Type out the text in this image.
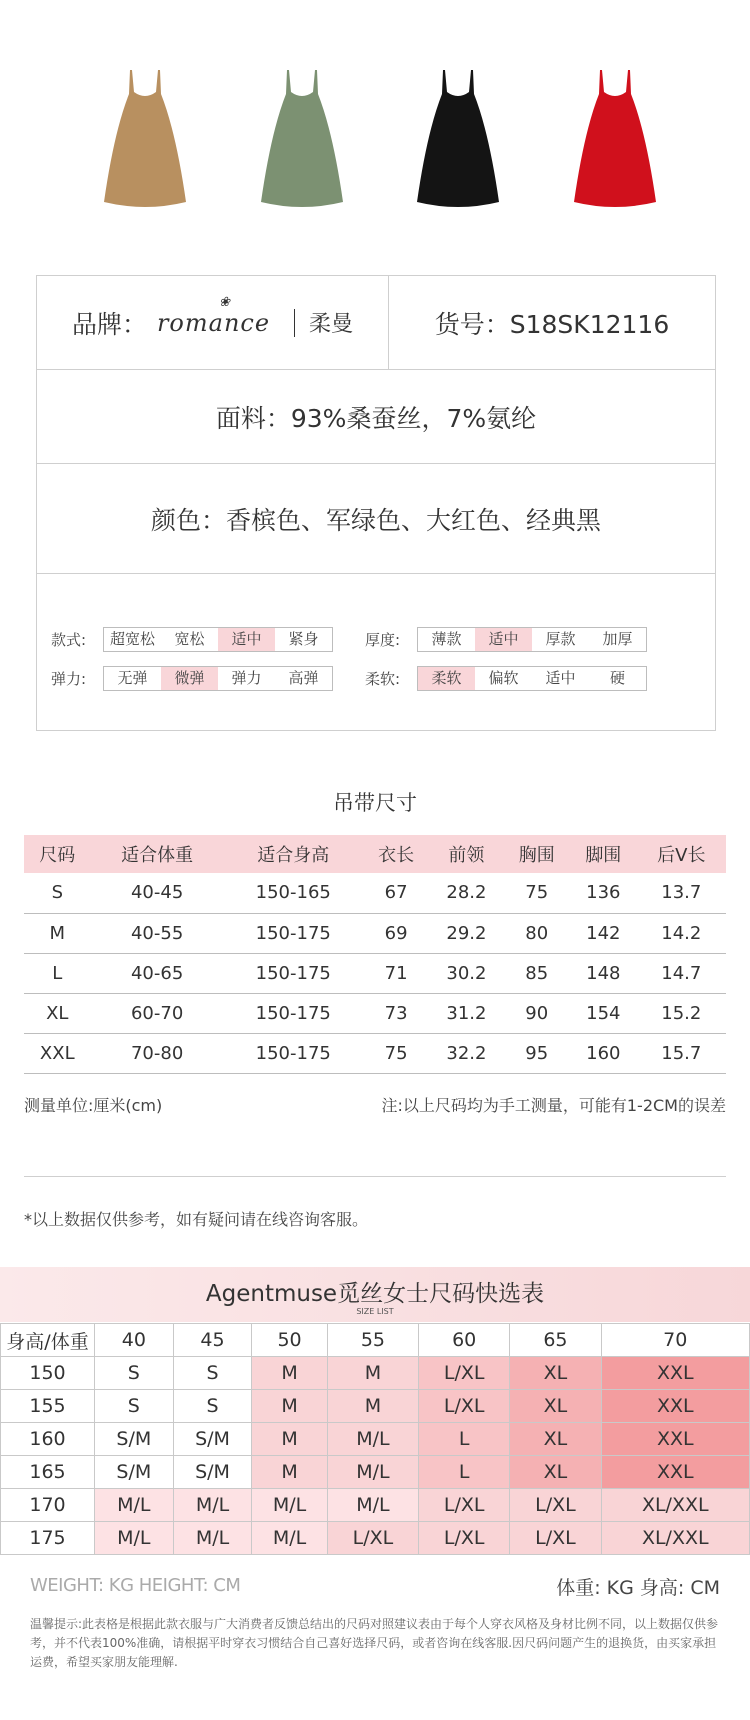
品牌：
❀
romance 柔曼	货号：S18SK12116
面料：93%桑蚕丝，7%氨纶
颜色：香槟色、军绿色、大红色、经典黑
款式:	超宽松	宽松	适中	紧身	厚度:	薄款	适中	厚款	加厚
弹力:	无弹	微弹	弹力	高弹	柔软:	柔软	偏软	适中	硬
吊带尺寸
尺码	适合体重	适合身高	衣长	前领	胸围	脚围	后V长
S	40-45	150-165	67	28.2	75	136	13.7
M	40-55	150-175	69	29.2	80	142	14.2
L	40-65	150-175	71	30.2	85	148	14.7
XL	60-70	150-175	73	31.2	90	154	15.2
XXL	70-80	150-175	75	32.2	95	160	15.7
测量单位:厘米(cm)	注:以上尺码均为手工测量，可能有1-2CM的误差
*以上数据仅供参考，如有疑问请在线咨询客服。
Agentmuse觅丝女士尺码快选表
SIZE LIST
身高/体重	40	45	50	55	60	65	70
150	S	S	M	M	L/XL	XL	XXL
155	S	S	M	M	L/XL	XL	XXL
160	S/M	S/M	M	M/L	L	XL	XXL
165	S/M	S/M	M	M/L	L	XL	XXL
170	M/L	M/L	M/L	M/L	L/XL	L/XL	XL/XXL
175	M/L	M/L	M/L	L/XL	L/XL	L/XL	XL/XXL
WEIGHT: KG HEIGHT: CM	体重: KG 身高: CM
温馨提示:此表格是根据此款衣服与广大消费者反馈总结出的尺码对照建议表由于每个人穿衣风格及身材比例不同，以上数据仅供参考，并不代表100%准确，请根据平时穿衣习惯结合自己喜好选择尺码，或者咨询在线客服.因尺码问题产生的退换货，由买家承担运费，希望买家朋友能理解.
